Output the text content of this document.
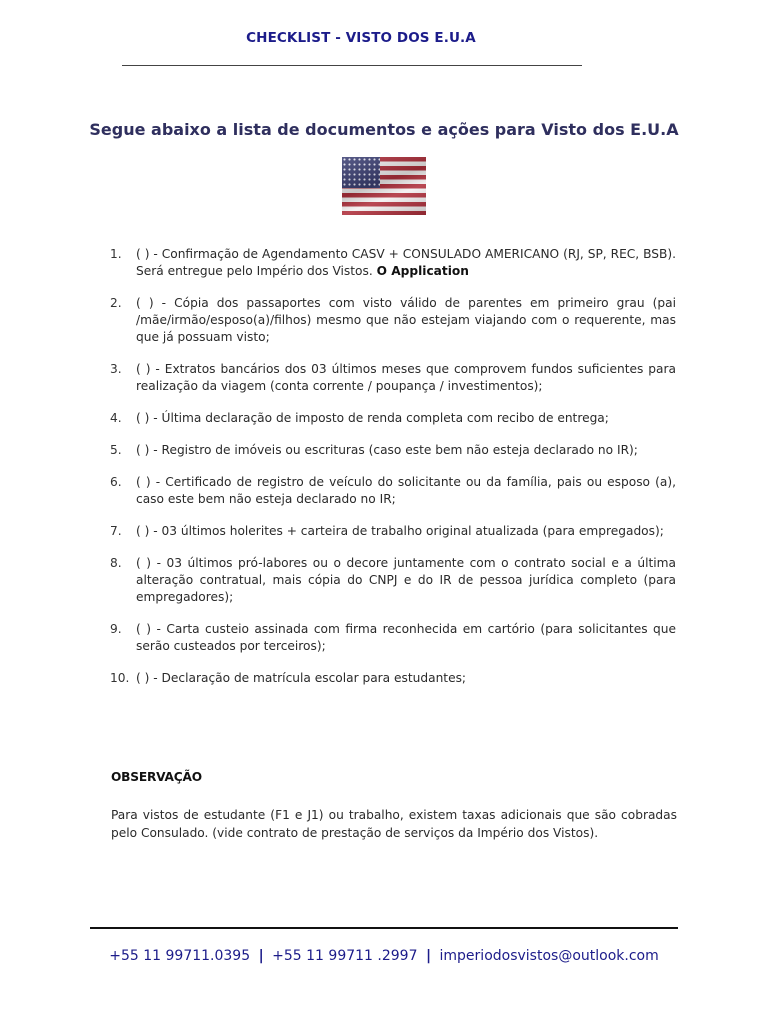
CHECKLIST - VISTO DOS E.U.A
Segue abaixo a lista de documentos e ações para Visto dos E.U.A
1.	( ) - Confirmação de Agendamento CASV + CONSULADO AMERICANO (RJ, SP, REC, BSB). Será entregue pelo Império dos Vistos. O Application
2.	( ) - Cópia dos passaportes com visto válido de parentes em primeiro grau (pai /mãe/irmão/esposo(a)/filhos) mesmo que não estejam viajando com o requerente, mas que já possuam visto;
3.	( ) - Extratos bancários dos 03 últimos meses que comprovem fundos suficientes para realização da viagem (conta corrente / poupança / investimentos);
4.	( ) - Última declaração de imposto de renda completa com recibo de entrega;
5.	( ) - Registro de imóveis ou escrituras (caso este bem não esteja declarado no IR);
6.	( ) - Certificado de registro de veículo do solicitante ou da família, pais ou esposo (a), caso este bem não esteja declarado no IR;
7.	( ) - 03 últimos holerites + carteira de trabalho original atualizada (para empregados);
8.	( ) - 03 últimos pró-labores ou o decore juntamente com o contrato social e a última alteração contratual, mais cópia do CNPJ e do IR de pessoa jurídica completo (para empregadores);
9.	( ) - Carta custeio assinada com firma reconhecida em cartório (para solicitantes que serão custeados por terceiros);
10. ( ) - Declaração de matrícula escolar para estudantes;
OBSERVAÇÃO
Para vistos de estudante (F1 e J1) ou trabalho, existem taxas adicionais que são cobradas pelo Consulado. (vide contrato de prestação de serviços da Império dos Vistos).
+55 11 99711.0395 | +55 11 99711 .2997 | imperiodosvistos@outlook.com
